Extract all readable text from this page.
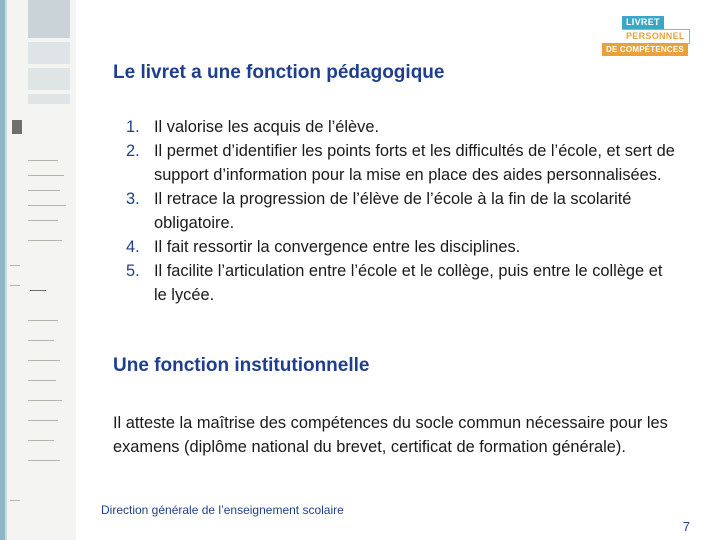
LIVRET
PERSONNEL
DE COMPÉTENCES
Le livret a une fonction pédagogique
1. Il valorise les acquis de l’élève.
2. Il permet d’identifier les points forts et les difficultés de l’école, et sert de support d’information pour la mise en place des aides personnalisées.
3. Il retrace la progression de l’élève de l’école à la fin de la scolarité obligatoire.
4. Il fait ressortir la convergence entre les disciplines.
5. Il facilite l’articulation entre l’école et le collège, puis entre le collège et le lycée.
Une fonction institutionnelle

Il atteste la maîtrise des compétences du socle commun nécessaire pour les examens (diplôme national du brevet, certificat de formation générale).

Direction générale de l’enseignement scolaire
7
